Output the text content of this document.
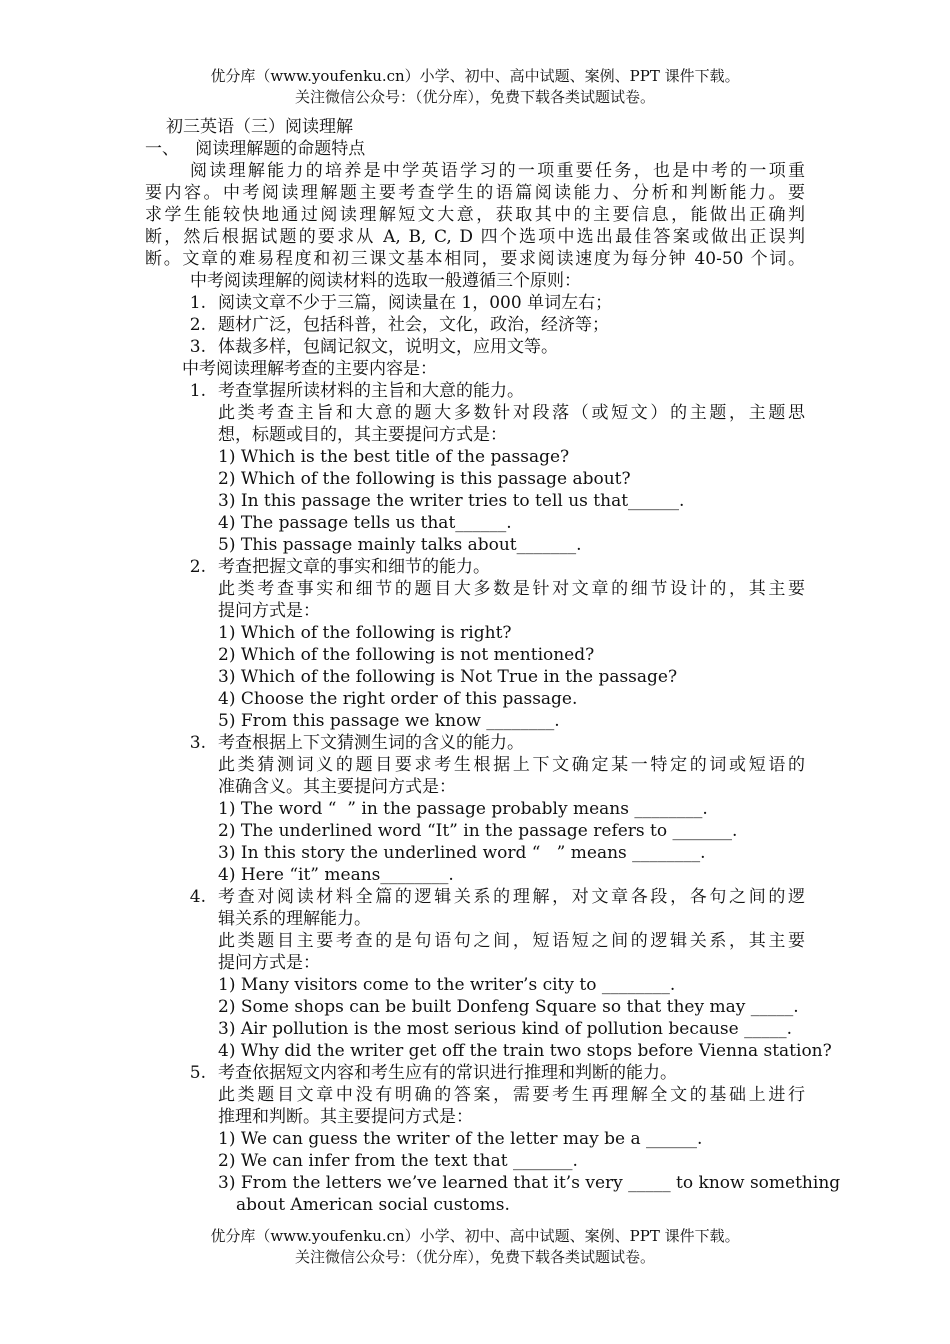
优分库（www.youfenku.cn）小学、初中、高中试题、案例、PPT 课件下载。
关注微信公众号：（优分库），免费下载各类试题试卷。
初三英语（三）阅读理解
一、   阅读理解题的命题特点
阅读理解能力的培养是中学英语学习的一项重要任务，也是中考的一项重
要内容。中考阅读理解题主要考查学生的语篇阅读能力、分析和判断能力。要
求学生能较快地通过阅读理解短文大意，获取其中的主要信息，能做出正确判
断，然后根据试题的要求从 A, B, C, D 四个选项中选出最佳答案或做出正误判
断。文章的难易程度和初三课文基本相同，要求阅读速度为每分钟 40-50 个词。
中考阅读理解的阅读材料的选取一般遵循三个原则：
1. 阅读文章不少于三篇，阅读量在 1，000 单词左右；
2. 题材广泛，包括科普，社会，文化，政治，经济等；
3. 体裁多样，包阔记叙文，说明文，应用文等。
中考阅读理解考查的主要内容是：
1. 考查掌握所读材料的主旨和大意的能力。
此类考查主旨和大意的题大多数针对段落（或短文）的主题，主题思
想，标题或目的，其主要提问方式是：
1) Which is the best title of the passage?
2) Which of the following is this passage about?
3) In this passage the writer tries to tell us that______.
4) The passage tells us that______.
5) This passage mainly talks about_______.
2. 考查把握文章的事实和细节的能力。
此类考查事实和细节的题目大多数是针对文章的细节设计的，其主要
提问方式是：
1) Which of the following is right?
2) Which of the following is not mentioned?
3) Which of the following is Not True in the passage?
4) Choose the right order of this passage.
5) From this passage we know ________.
3. 考查根据上下文猜测生词的含义的能力。
此类猜测词义的题目要求考生根据上下文确定某一特定的词或短语的
准确含义。其主要提问方式是：
1) The word “  ” in the passage probably means ________.
2) The underlined word “It” in the passage refers to _______.
3) In this story the underlined word “   ” means ________.
4) Here “it” means________.
4. 考查对阅读材料全篇的逻辑关系的理解，对文章各段，各句之间的逻
辑关系的理解能力。
此类题目主要考查的是句语句之间，短语短之间的逻辑关系，其主要
提问方式是：
1) Many visitors come to the writer’s city to ________.
2) Some shops can be built Donfeng Square so that they may _____.
3) Air pollution is the most serious kind of pollution because _____.
4) Why did the writer get off the train two stops before Vienna station?
5. 考查依据短文内容和考生应有的常识进行推理和判断的能力。
此类题目文章中没有明确的答案，需要考生再理解全文的基础上进行
推理和判断。其主要提问方式是：
1) We can guess the writer of the letter may be a ______.
2) We can infer from the text that _______.
3) From the letters we’ve learned that it’s very _____ to know something
about American social customs.
优分库（www.youfenku.cn）小学、初中、高中试题、案例、PPT 课件下载。
关注微信公众号：（优分库），免费下载各类试题试卷。
